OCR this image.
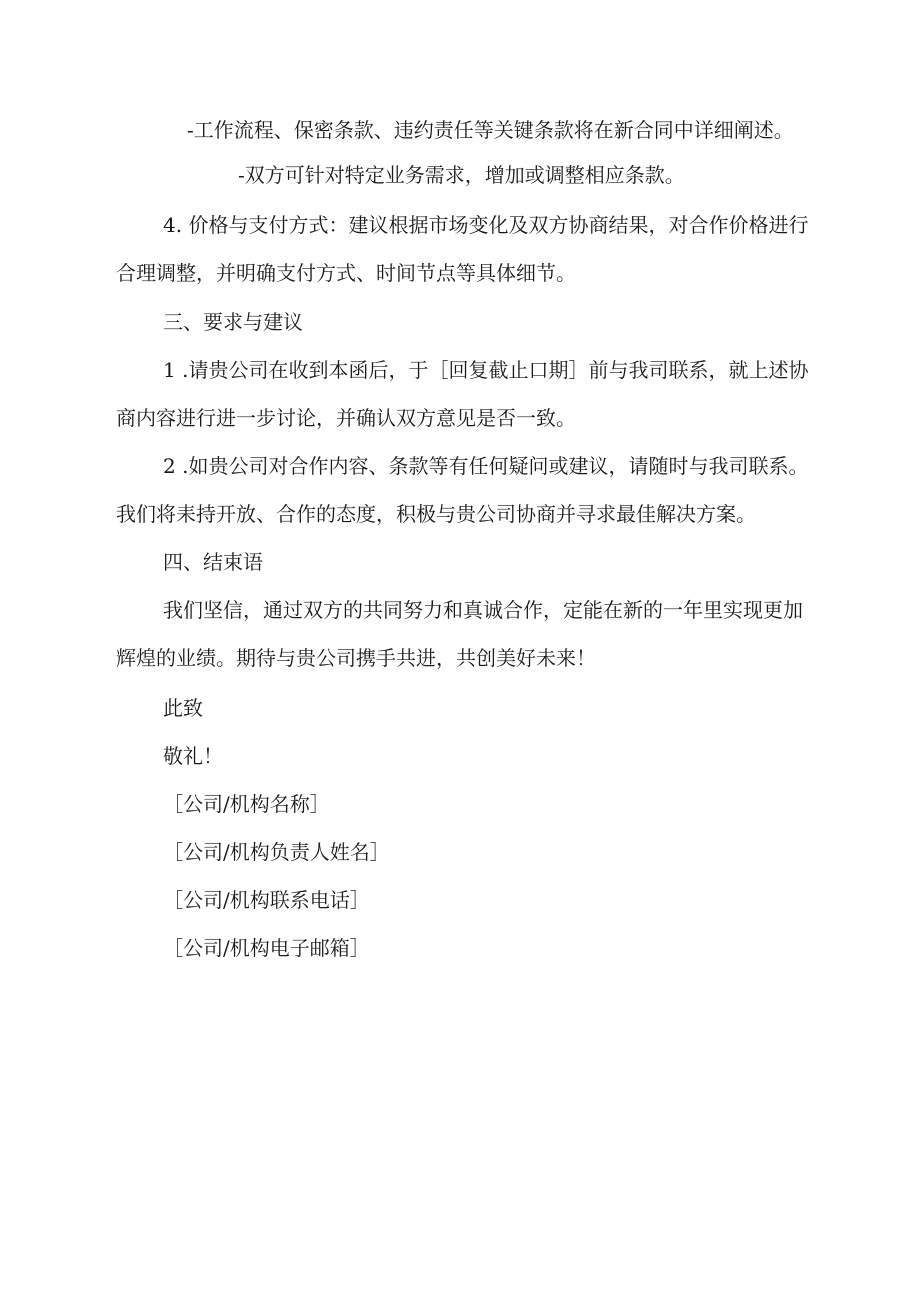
-工作流程、保密条款、违约责任等关键条款将在新合同中详细阐述。
-双方可针对特定业务需求，增加或调整相应条款。
4. 价格与支付方式：建议根据市场变化及双方协商结果，对合作价格进行
合理调整，并明确支付方式、时间节点等具体细节。
三、要求与建议
1 .请贵公司在收到本函后，于［回复截止口期］前与我司联系，就上述协
商内容进行进一步讨论，并确认双方意见是否一致。
2 .如贵公司对合作内容、条款等有任何疑问或建议，请随时与我司联系。
我们将耒持开放、合作的态度，积极与贵公司协商并寻求最佳解决方案。
四、结束语
我们坚信，通过双方的共同努力和真诚合作，定能在新的一年里实现更加
辉煌的业绩。期待与贵公司携手共进，共创美好未来！
此致
敬礼！
［公司/机构名称］
［公司/机构负责人姓名］
［公司/机构联系电话］
［公司/机构电子邮箱］
